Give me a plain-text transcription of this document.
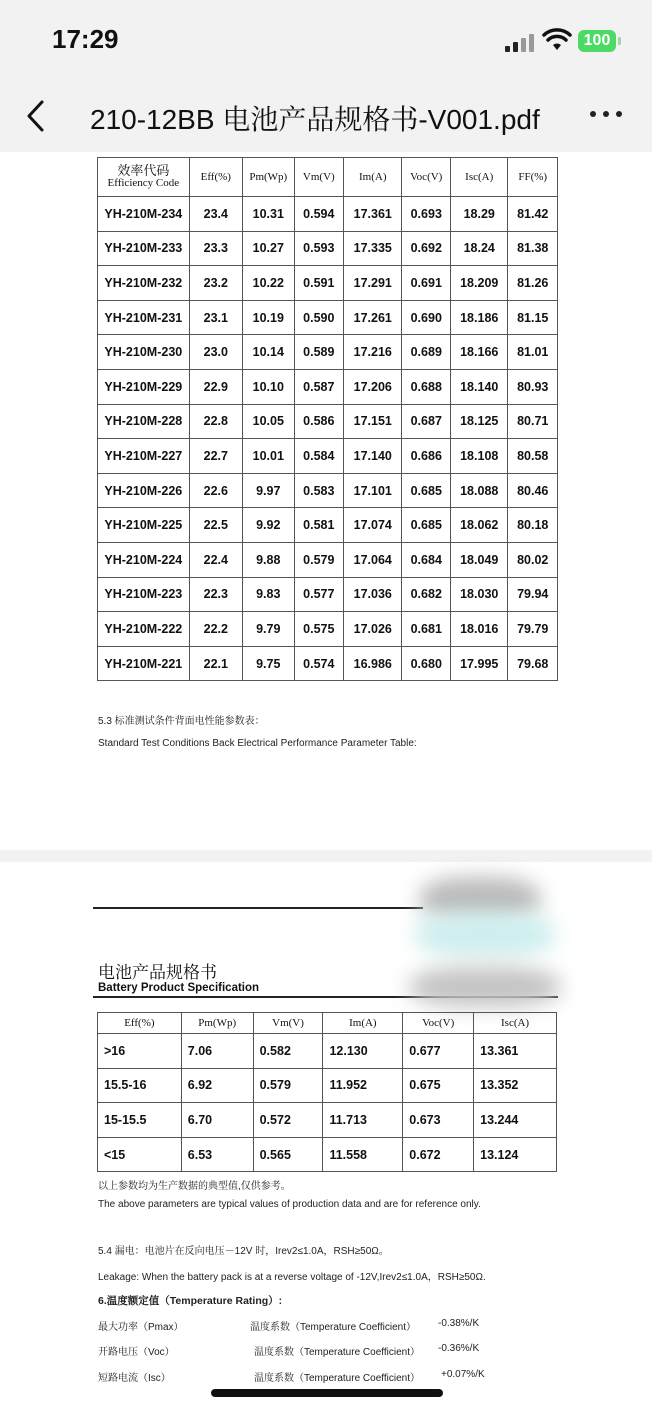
17:29	100
210-12BB 电池产品规格书-V001.pdf
效率代码
Efficiency Code	Eff(%)	Pm(Wp)	Vm(V)	Im(A)	Voc(V)	Isc(A)	FF(%)
YH-210M-234	23.4	10.31	0.594	17.361	0.693	18.29	81.42
YH-210M-233	23.3	10.27	0.593	17.335	0.692	18.24	81.38
YH-210M-232	23.2	10.22	0.591	17.291	0.691	18.209	81.26
YH-210M-231	23.1	10.19	0.590	17.261	0.690	18.186	81.15
YH-210M-230	23.0	10.14	0.589	17.216	0.689	18.166	81.01
YH-210M-229	22.9	10.10	0.587	17.206	0.688	18.140	80.93
YH-210M-228	22.8	10.05	0.586	17.151	0.687	18.125	80.71
YH-210M-227	22.7	10.01	0.584	17.140	0.686	18.108	80.58
YH-210M-226	22.6	9.97	0.583	17.101	0.685	18.088	80.46
YH-210M-225	22.5	9.92	0.581	17.074	0.685	18.062	80.18
YH-210M-224	22.4	9.88	0.579	17.064	0.684	18.049	80.02
YH-210M-223	22.3	9.83	0.577	17.036	0.682	18.030	79.94
YH-210M-222	22.2	9.79	0.575	17.026	0.681	18.016	79.79
YH-210M-221	22.1	9.75	0.574	16.986	0.680	17.995	79.68
5.3 标准测试条件背面电性能参数表：
Standard Test Conditions Back Electrical Performance Parameter Table:
电池产品规格书
Battery Product Specification
Eff(%)	Pm(Wp)	Vm(V)	Im(A)	Voc(V)	Isc(A)
>16	7.06	0.582	12.130	0.677	13.361
15.5-16	6.92	0.579	11.952	0.675	13.352
15-15.5	6.70	0.572	11.713	0.673	13.244
<15	6.53	0.565	11.558	0.672	13.124
以上参数均为生产数据的典型值,仅供参考。
The above parameters are typical values of production data and are for reference only.
5.4 漏电：电池片在反向电压－12V 时，Irev2≤1.0A，RSH≥50Ω。
Leakage: When the battery pack is at a reverse voltage of -12V,Irev2≤1.0A，RSH≥50Ω.
6.温度额定值（Temperature Rating）:
最大功率（Pmax）	温度系数（Temperature Coefficient） -0.38%/K
开路电压（Voc）	温度系数（Temperature Coefficient） -0.36%/K
短路电流（Isc）	温度系数（Temperature Coefficient） +0.07%/K
